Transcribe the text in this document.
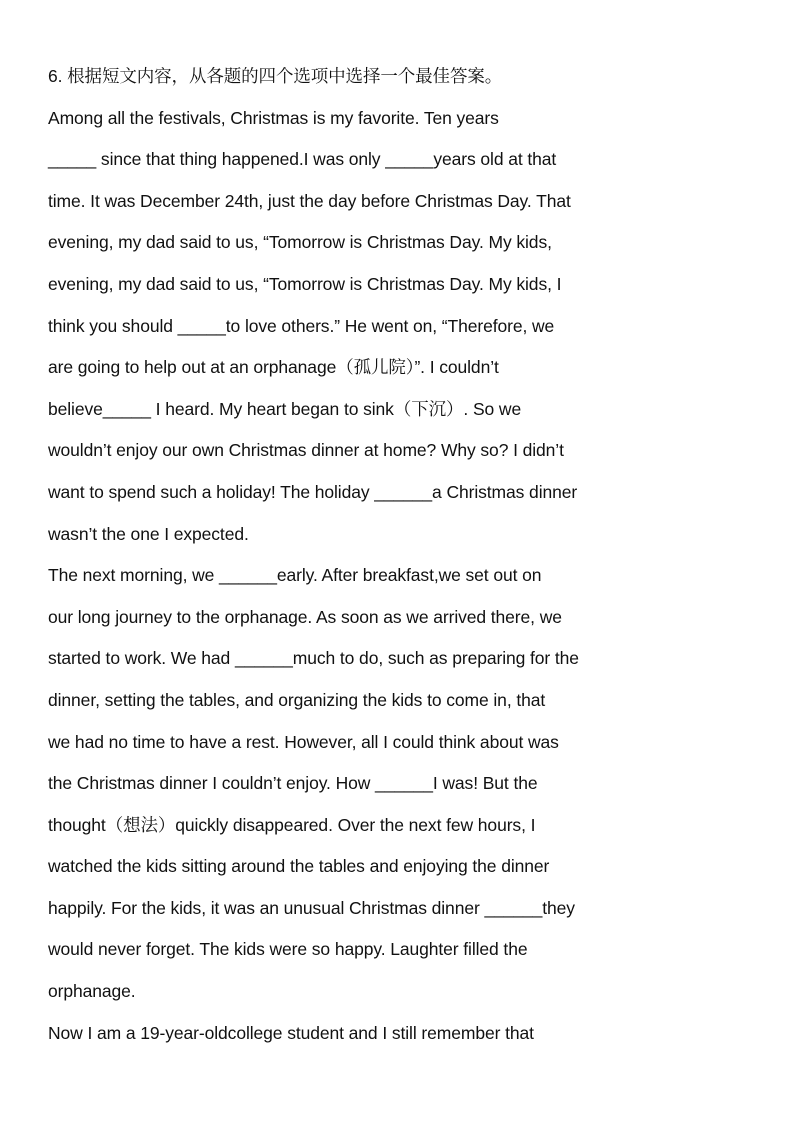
6. 根据短文内容，从各题的四个选项中选择一个最佳答案。
Among all the festivals, Christmas is my favorite. Ten years
_____ since that thing happened.I was only _____years old at that
time. It was December 24th, just the day before Christmas Day. That
evening, my dad said to us, “Tomorrow is Christmas Day. My kids,
evening, my dad said to us, “Tomorrow is Christmas Day. My kids, I
think you should _____to love others.” He went on, “Therefore, we
are going to help out at an orphanage（孤儿院）”. I couldn’t
believe_____ I heard. My heart began to sink（下沉）. So we
wouldn’t enjoy our own Christmas dinner at home? Why so? I didn’t
want to spend such a holiday! The holiday ______a Christmas dinner
wasn’t the one I expected.
The next morning, we ______early. After breakfast,we set out on
our long journey to the orphanage. As soon as we arrived there, we
started to work. We had ______much to do, such as preparing for the
dinner, setting the tables, and organizing the kids to come in, that
we had no time to have a rest. However, all I could think about was
the Christmas dinner I couldn’t enjoy. How ______I was! But the
thought（想法）quickly disappeared. Over the next few hours, I
watched the kids sitting around the tables and enjoying the dinner
happily. For the kids, it was an unusual Christmas dinner ______they
would never forget. The kids were so happy. Laughter filled the
orphanage.
Now I am a 19-year-oldcollege student and I still remember that
